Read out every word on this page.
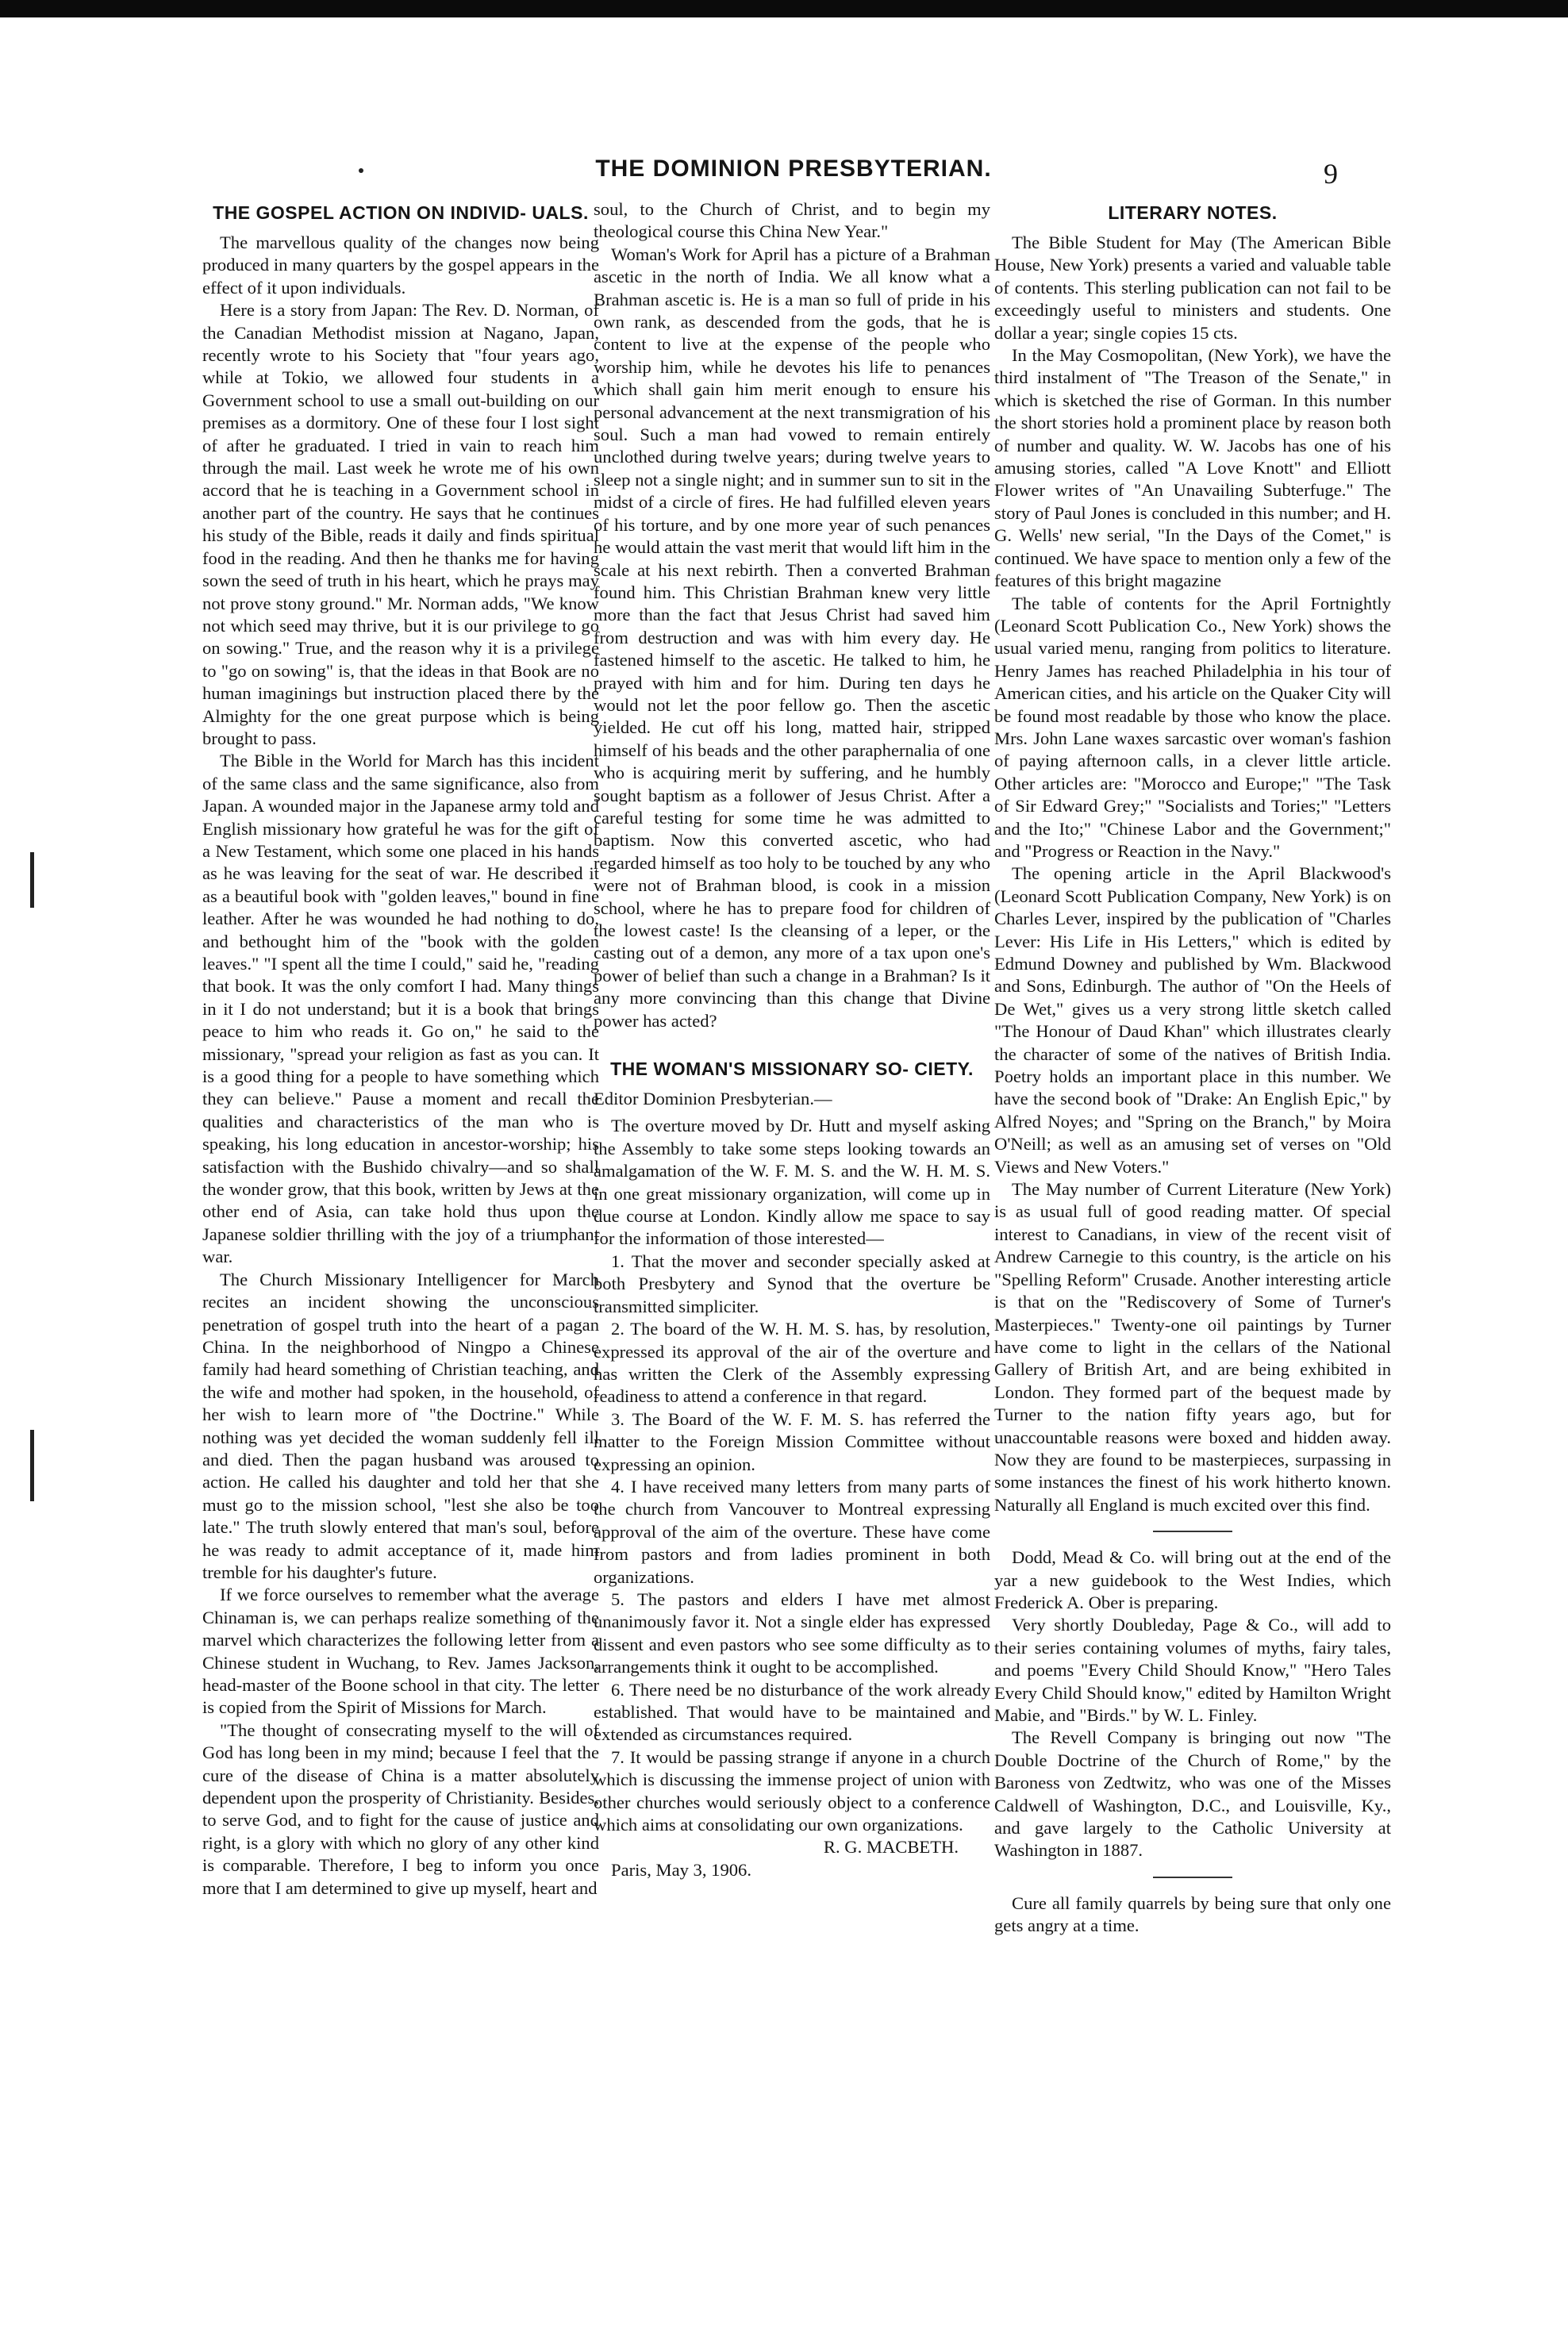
THE DOMINION PRESBYTERIAN.	9
THE GOSPEL ACTION ON INDIVID- UALS.

The marvellous quality of the changes now being produced in many quarters by the gospel appears in the effect of it upon individuals.

Here is a story from Japan: The Rev. D. Norman, of the Canadian Methodist mission at Nagano, Japan, recently wrote to his Society that "four years ago, while at Tokio, we allowed four students in a Government school to use a small out-building on our premises as a dormitory. One of these four I lost sight of after he graduated. I tried in vain to reach him through the mail. Last week he wrote me of his own accord that he is teaching in a Government school in another part of the country. He says that he continues his study of the Bible, reads it daily and finds spiritual food in the reading. And then he thanks me for having sown the seed of truth in his heart, which he prays may not prove stony ground." Mr. Norman adds, "We know not which seed may thrive, but it is our privilege to go on sowing." True, and the reason why it is a privilege to "go on sowing" is, that the ideas in that Book are no human imaginings but instruction placed there by the Almighty for the one great purpose which is being brought to pass.

The Bible in the World for March has this incident of the same class and the same significance, also from Japan. A wounded major in the Japanese army told and English missionary how grateful he was for the gift of a New Testament, which some one placed in his hands as he was leaving for the seat of war. He described it as a beautiful book with "golden leaves," bound in fine leather. After he was wounded he had nothing to do, and bethought him of the "book with the golden leaves." "I spent all the time I could," said he, "reading that book. It was the only comfort I had. Many things in it I do not understand; but it is a book that brings peace to him who reads it. Go on," he said to the missionary, "spread your religion as fast as you can. It is a good thing for a people to have something which they can believe." Pause a moment and recall the qualities and characteristics of the man who is speaking, his long education in ancestor-worship; his satisfaction with the Bushido chivalry—and so shall the wonder grow, that this book, written by Jews at the other end of Asia, can take hold thus upon the Japanese soldier thrilling with the joy of a triumphant war.

The Church Missionary Intelligencer for March recites an incident showing the unconscious penetration of gospel truth into the heart of a pagan China. In the neighborhood of Ningpo a Chinese family had heard something of Christian teaching, and the wife and mother had spoken, in the household, of her wish to learn more of "the Doctrine." While nothing was yet decided the woman suddenly fell ill and died. Then the pagan husband was aroused to action. He called his daughter and told her that she must go to the mission school, "lest she also be too late." The truth slowly entered that man's soul, before he was ready to admit acceptance of it, made him tremble for his daughter's future.

If we force ourselves to remember what the average Chinaman is, we can perhaps realize something of the marvel which characterizes the following letter from a Chinese student in Wuchang, to Rev. James Jackson, head-master of the Boone school in that city. The letter is copied from the Spirit of Missions for March.

"The thought of consecrating myself to the will of God has long been in my mind; because I feel that the cure of the disease of China is a matter absolutely dependent upon the prosperity of Christianity. Besides, to serve God, and to fight for the cause of justice and right, is a glory with which no glory of any other kind is comparable. Therefore, I beg to inform you once more that I am determined to give up myself, heart and

soul, to the Church of Christ, and to begin my theological course this China New Year."

Woman's Work for April has a picture of a Brahman ascetic in the north of India. We all know what a Brahman ascetic is. He is a man so full of pride in his own rank, as descended from the gods, that he is content to live at the expense of the people who worship him, while he devotes his life to penances which shall gain him merit enough to ensure his personal advancement at the next transmigration of his soul. Such a man had vowed to remain entirely unclothed during twelve years; during twelve years to sleep not a single night; and in summer sun to sit in the midst of a circle of fires. He had fulfilled eleven years of his torture, and by one more year of such penances he would attain the vast merit that would lift him in the scale at his next rebirth. Then a converted Brahman found him. This Christian Brahman knew very little more than the fact that Jesus Christ had saved him from destruction and was with him every day. He fastened himself to the ascetic. He talked to him, he prayed with him and for him. During ten days he would not let the poor fellow go. Then the ascetic yielded. He cut off his long, matted hair, stripped himself of his beads and the other paraphernalia of one who is acquiring merit by suffering, and he humbly sought baptism as a follower of Jesus Christ. After a careful testing for some time he was admitted to baptism. Now this converted ascetic, who had regarded himself as too holy to be touched by any who were not of Brahman blood, is cook in a mission school, where he has to prepare food for children of the lowest caste! Is the cleansing of a leper, or the casting out of a demon, any more of a tax upon one's power of belief than such a change in a Brahman? Is it any more convincing than this change that Divine power has acted?

THE WOMAN'S MISSIONARY SO- CIETY.

Editor Dominion Presbyterian.—

The overture moved by Dr. Hutt and myself asking the Assembly to take some steps looking towards an amalgamation of the W. F. M. S. and the W. H. M. S. in one great missionary organization, will come up in due course at London. Kindly allow me space to say for the information of those interested—

1. That the mover and seconder specially asked at both Presbytery and Synod that the overture be transmitted simpliciter.

2. The board of the W. H. M. S. has, by resolution, expressed its approval of the air of the overture and has written the Clerk of the Assembly expressing readiness to attend a conference in that regard.

3. The Board of the W. F. M. S. has referred the matter to the Foreign Mission Committee without expressing an opinion.

4. I have received many letters from many parts of the church from Vancouver to Montreal expressing approval of the aim of the overture. These have come from pastors and from ladies prominent in both organizations.

5. The pastors and elders I have met almost unanimously favor it. Not a single elder has expressed dissent and even pastors who see some difficulty as to arrangements think it ought to be accomplished.

6. There need be no disturbance of the work already established. That would have to be maintained and extended as circumstances required.

7. It would be passing strange if anyone in a church which is discussing the immense project of union with other churches would seriously object to a conference which aims at consolidating our own organizations.

R. G. MACBETH.

Paris, May 3, 1906.

LITERARY NOTES.

The Bible Student for May (The American Bible House, New York) presents a varied and valuable table of contents. This sterling publication can not fail to be exceedingly useful to ministers and students. One dollar a year; single copies 15 cts.

In the May Cosmopolitan, (New York), we have the third instalment of "The Treason of the Senate," in which is sketched the rise of Gorman. In this number the short stories hold a prominent place by reason both of number and quality. W. W. Jacobs has one of his amusing stories, called "A Love Knott" and Elliott Flower writes of "An Unavailing Subterfuge." The story of Paul Jones is concluded in this number; and H. G. Wells' new serial, "In the Days of the Comet," is continued. We have space to mention only a few of the features of this bright magazine

The table of contents for the April Fortnightly (Leonard Scott Publication Co., New York) shows the usual varied menu, ranging from politics to literature. Henry James has reached Philadelphia in his tour of American cities, and his article on the Quaker City will be found most readable by those who know the place. Mrs. John Lane waxes sarcastic over woman's fashion of paying afternoon calls, in a clever little article. Other articles are: "Morocco and Europe;" "The Task of Sir Edward Grey;" "Socialists and Tories;" "Letters and the Ito;" "Chinese Labor and the Government;" and "Progress or Reaction in the Navy."

The opening article in the April Blackwood's (Leonard Scott Publication Company, New York) is on Charles Lever, inspired by the publication of "Charles Lever: His Life in His Letters," which is edited by Edmund Downey and published by Wm. Blackwood and Sons, Edinburgh. The author of "On the Heels of De Wet," gives us a very strong little sketch called "The Honour of Daud Khan" which illustrates clearly the character of some of the natives of British India. Poetry holds an important place in this number. We have the second book of "Drake: An English Epic," by Alfred Noyes; and "Spring on the Branch," by Moira O'Neill; as well as an amusing set of verses on "Old Views and New Voters."

The May number of Current Literature (New York) is as usual full of good reading matter. Of special interest to Canadians, in view of the recent visit of Andrew Carnegie to this country, is the article on his "Spelling Reform" Crusade. Another interesting article is that on the "Rediscovery of Some of Turner's Masterpieces." Twenty-one oil paintings by Turner have come to light in the cellars of the National Gallery of British Art, and are being exhibited in London. They formed part of the bequest made by Turner to the nation fifty years ago, but for unaccountable reasons were boxed and hidden away. Now they are found to be masterpieces, surpassing in some instances the finest of his work hitherto known. Naturally all England is much excited over this find.

Dodd, Mead & Co. will bring out at the end of the yar a new guidebook to the West Indies, which Frederick A. Ober is preparing.

Very shortly Doubleday, Page & Co., will add to their series containing volumes of myths, fairy tales, and poems "Every Child Should Know," "Hero Tales Every Child Should know," edited by Hamilton Wright Mabie, and "Birds." by W. L. Finley.

The Revell Company is bringing out now "The Double Doctrine of the Church of Rome," by the Baroness von Zedtwitz, who was one of the Misses Caldwell of Washington, D.C., and Louisville, Ky., and gave largely to the Catholic University at Washington in 1887.

Cure all family quarrels by being sure that only one gets angry at a time.
